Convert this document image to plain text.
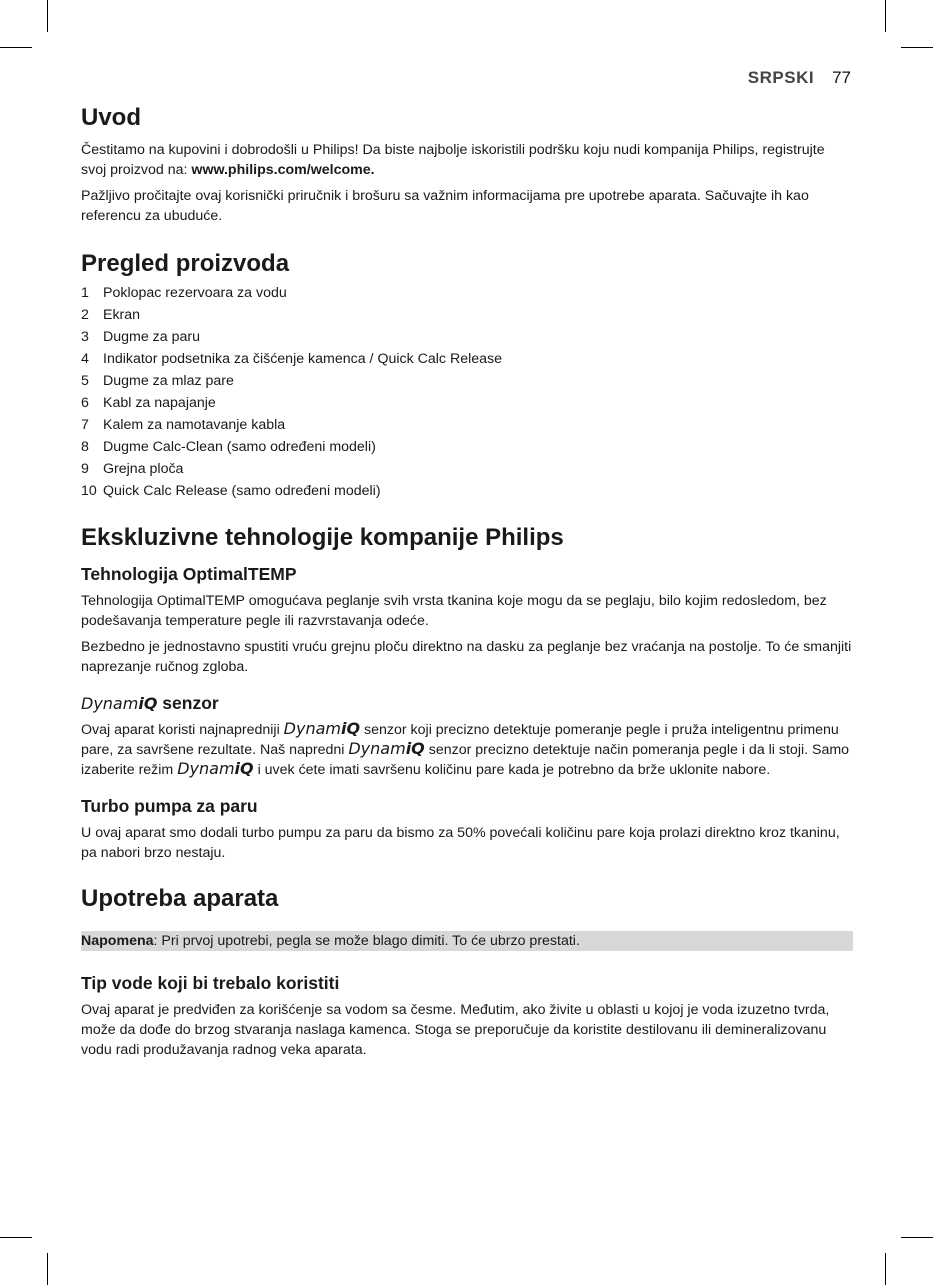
SRPSKI 77
Uvod

Čestitamo na kupovini i dobrodošli u Philips! Da biste najbolje iskoristili podršku koju nudi kompanija Philips, registrujte svoj proizvod na: www.philips.com/welcome.

Pažljivo pročitajte ovaj korisnički priručnik i brošuru sa važnim informacijama pre upotrebe aparata. Sačuvajte ih kao referencu za ubuduće.

Pregled proizvoda
1 Poklopac rezervoara za vodu
2 Ekran
3 Dugme za paru
4 Indikator podsetnika za čišćenje kamenca / Quick Calc Release
5 Dugme za mlaz pare
6 Kabl za napajanje
7 Kalem za namotavanje kabla
8 Dugme Calc-Clean (samo određeni modeli)
9 Grejna ploča
10 Quick Calc Release (samo određeni modeli)
Ekskluzivne tehnologije kompanije Philips
Tehnologija OptimalTEMP

Tehnologija OptimalTEMP omogućava peglanje svih vrsta tkanina koje mogu da se peglaju, bilo kojim redosledom, bez podešavanja temperature pegle ili razvrstavanja odeće.

Bezbedno je jednostavno spustiti vruću grejnu ploču direktno na dasku za peglanje bez vraćanja na postolje. To će smanjiti naprezanje ručnog zgloba.

DynamiQ senzor

Ovaj aparat koristi najnapredniji DynamiQ senzor koji precizno detektuje pomeranje pegle i pruža inteligentnu primenu pare, za savršene rezultate. Naš napredni DynamiQ senzor precizno detektuje način pomeranja pegle i da li stoji. Samo izaberite režim DynamiQ i uvek ćete imati savršenu količinu pare kada je potrebno da brže uklonite nabore.

Turbo pumpa za paru

U ovaj aparat smo dodali turbo pumpu za paru da bismo za 50% povećali količinu pare koja prolazi direktno kroz tkaninu, pa nabori brzo nestaju.

Upotreba aparata
Napomena: Pri prvoj upotrebi, pegla se može blago dimiti. To će ubrzo prestati.
Tip vode koji bi trebalo koristiti

Ovaj aparat je predviđen za korišćenje sa vodom sa česme. Međutim, ako živite u oblasti u kojoj je voda izuzetno tvrda, može da dođe do brzog stvaranja naslaga kamenca. Stoga se preporučuje da koristite destilovanu ili demineralizovanu vodu radi produžavanja radnog veka aparata.
